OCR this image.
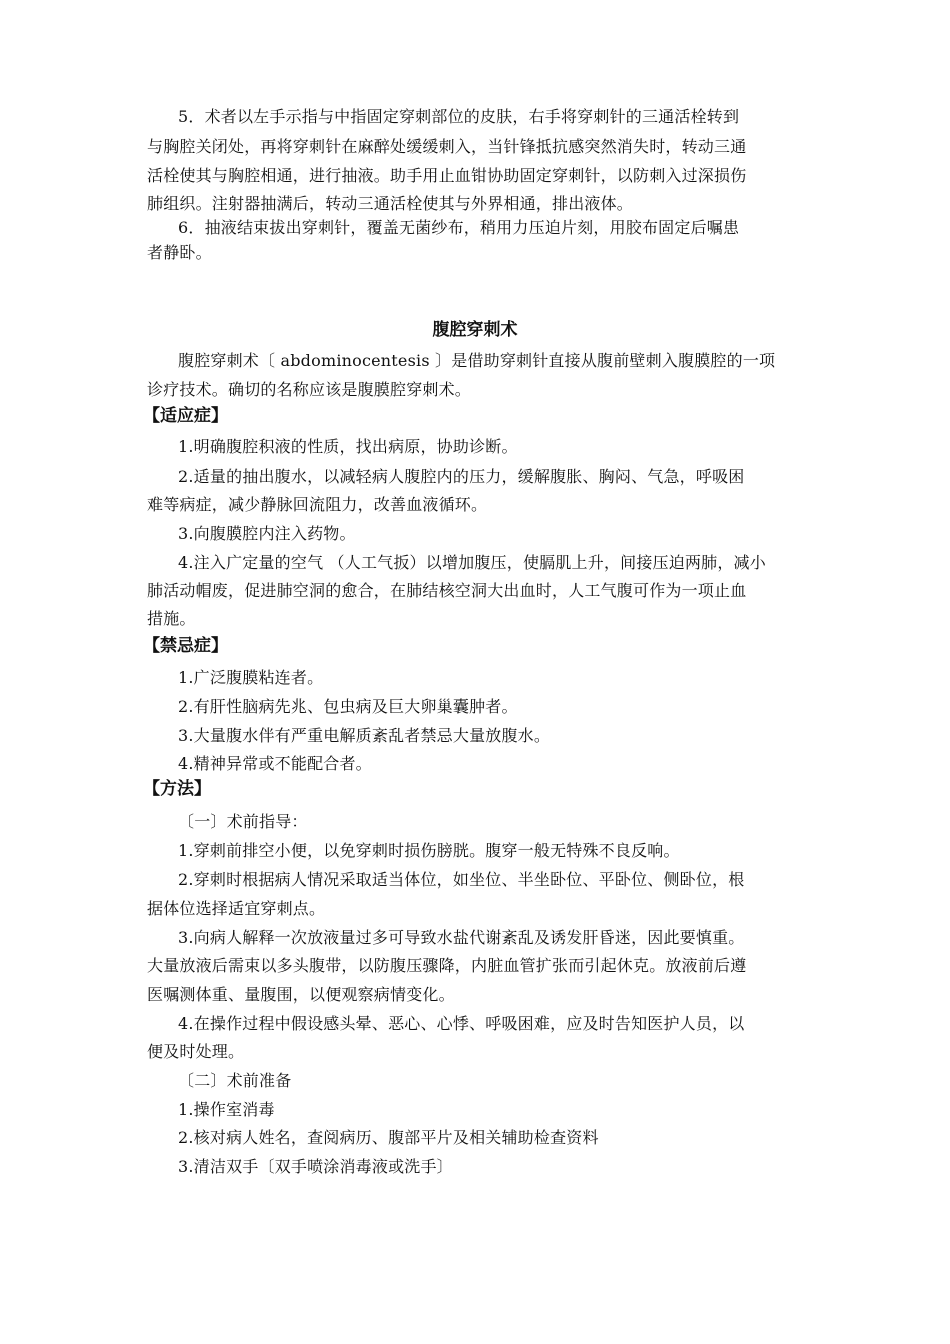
5．术者以左手示指与中指固定穿刺部位的皮肤，右手将穿刺针的三通活栓转到
与胸腔关闭处，再将穿刺针在麻醉处缓缓刺入，当针锋抵抗感突然消失时，转动三通
活栓使其与胸腔相通，进行抽液。助手用止血钳协助固定穿刺针，以防刺入过深损伤
肺组织。注射器抽满后，转动三通活栓使其与外界相通，排出液体。
6．抽液结束拔出穿刺针，覆盖无菌纱布，稍用力压迫片刻，用胶布固定后嘱患
者静卧。
腹腔穿刺术
腹腔穿刺术〔 abdominocentesis 〕是借助穿刺针直接从腹前壁刺入腹膜腔的一项
诊疗技术。确切的名称应该是腹膜腔穿刺术。
【适应症】
1.明确腹腔积液的性质，找出病原，协助诊断。
2.适量的抽出腹水，以减轻病人腹腔内的压力，缓解腹胀、胸闷、气急，呼吸困
难等病症，减少静脉回流阻力，改善血液循环。
3.向腹膜腔内注入药物。
4.注入广定量的空气 （人工气扳）以增加腹压，使膈肌上升，间接压迫两肺，减小
肺活动帽废，促进肺空洞的愈合，在肺结核空洞大出血时，人工气腹可作为一项止血
措施。
【禁忌症】
1.广泛腹膜粘连者。
2.有肝性脑病先兆、包虫病及巨大卵巢囊肿者。
3.大量腹水伴有严重电解质紊乱者禁忌大量放腹水。
4.精神异常或不能配合者。
【方法】
〔一〕术前指导：
1.穿刺前排空小便，以免穿刺时损伤膀胱。腹穿一般无特殊不良反响。
2.穿刺时根据病人情况采取适当体位，如坐位、半坐卧位、平卧位、侧卧位，根
据体位选择适宜穿刺点。
3.向病人解释一次放液量过多可导致水盐代谢紊乱及诱发肝昏迷，因此要慎重。
大量放液后需束以多头腹带，以防腹压骤降，内脏血管扩张而引起休克。放液前后遵
医嘱测体重、量腹围，以便观察病情变化。
4.在操作过程中假设感头晕、恶心、心悸、呼吸困难，应及时告知医护人员，以
便及时处理。
〔二〕术前准备
1.操作室消毒
2.核对病人姓名，查阅病历、腹部平片及相关辅助检查资料
3.清洁双手〔双手喷涂消毒液或洗手〕
